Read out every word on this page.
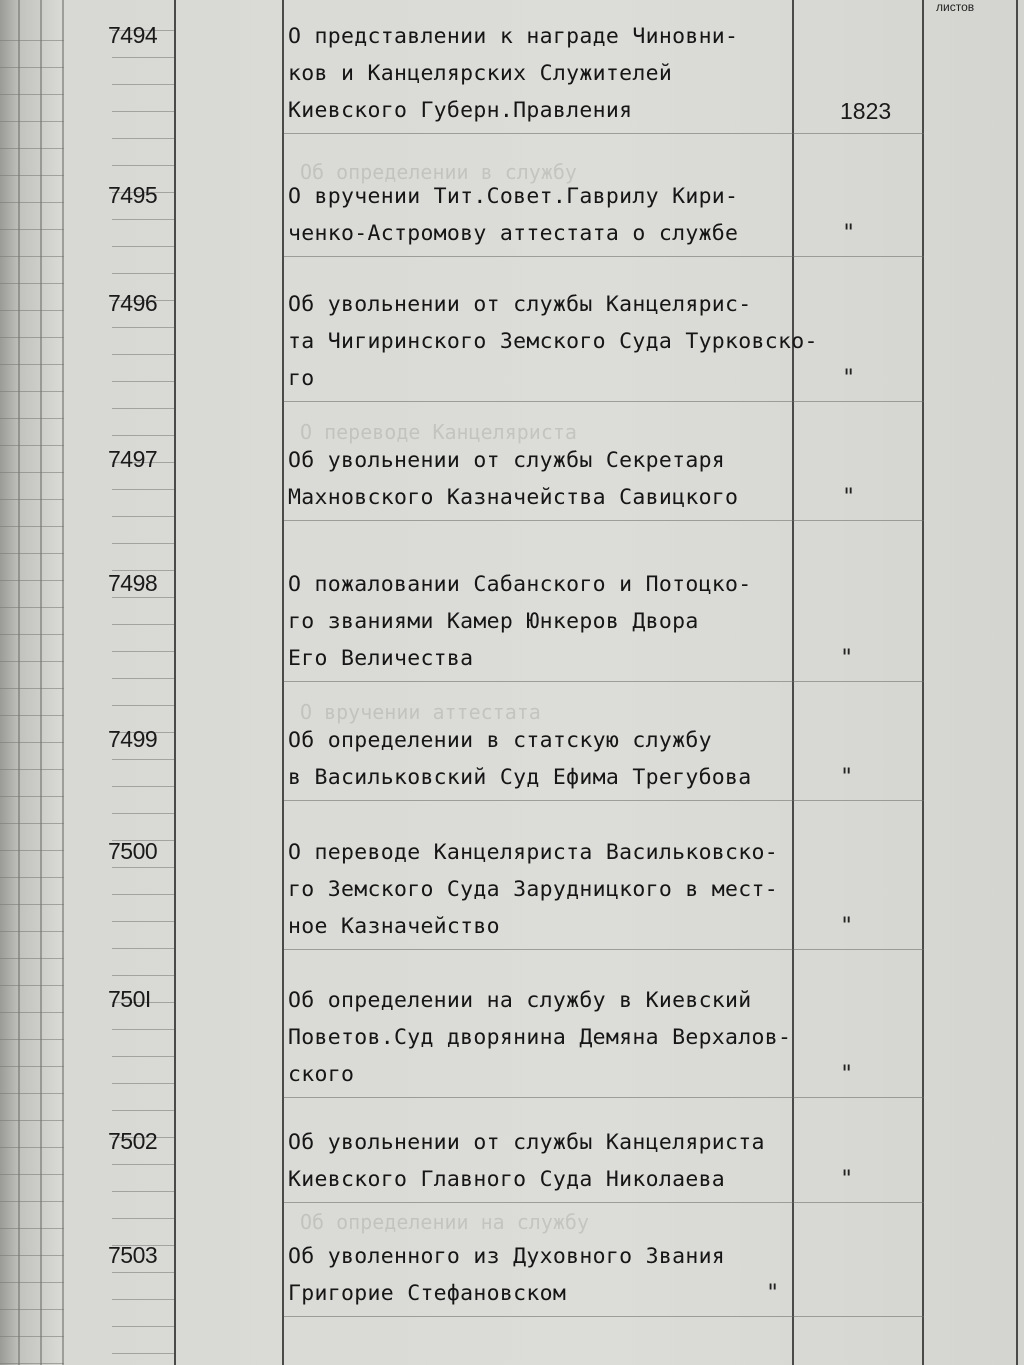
листов
Об определении в службу
О переводе Канцеляриста
О вручении аттестата
Об определении на службу
7494	О представлении к награде Чиновни-
ков и Канцелярских Служителей
Киевского Губерн.Правления	1823
7495	О вручении Тит.Совет.Гаврилу Кири-
ченко-Астромову аттестата о службе	"
7496	Об увольнении от службы Канцелярис-
та Чигиринского Земского Суда Турковско-
го	"
7497	Об увольнении от службы Секретаря
Махновского Казначейства Савицкого	"
7498	О пожаловании Сабанского и Потоцко-
го званиями Камер Юнкеров Двора
Его Величества	"
7499	Об определении в статскую службу
в Васильковский Суд Ефима Трегубова	"
7500	О переводе Канцеляриста Васильковско-
го Земского Суда Зарудницкого в мест-
ное Казначейство	"
750I	Об определении на службу в Киевский
Поветов.Суд дворянина Демяна Верхалов-
ского	"
7502	Об увольнении от службы Канцеляриста
Киевского Главного Суда Николаева	"
7503	Об уволенного из Духовного Звания
Григорие Стефановском	"
